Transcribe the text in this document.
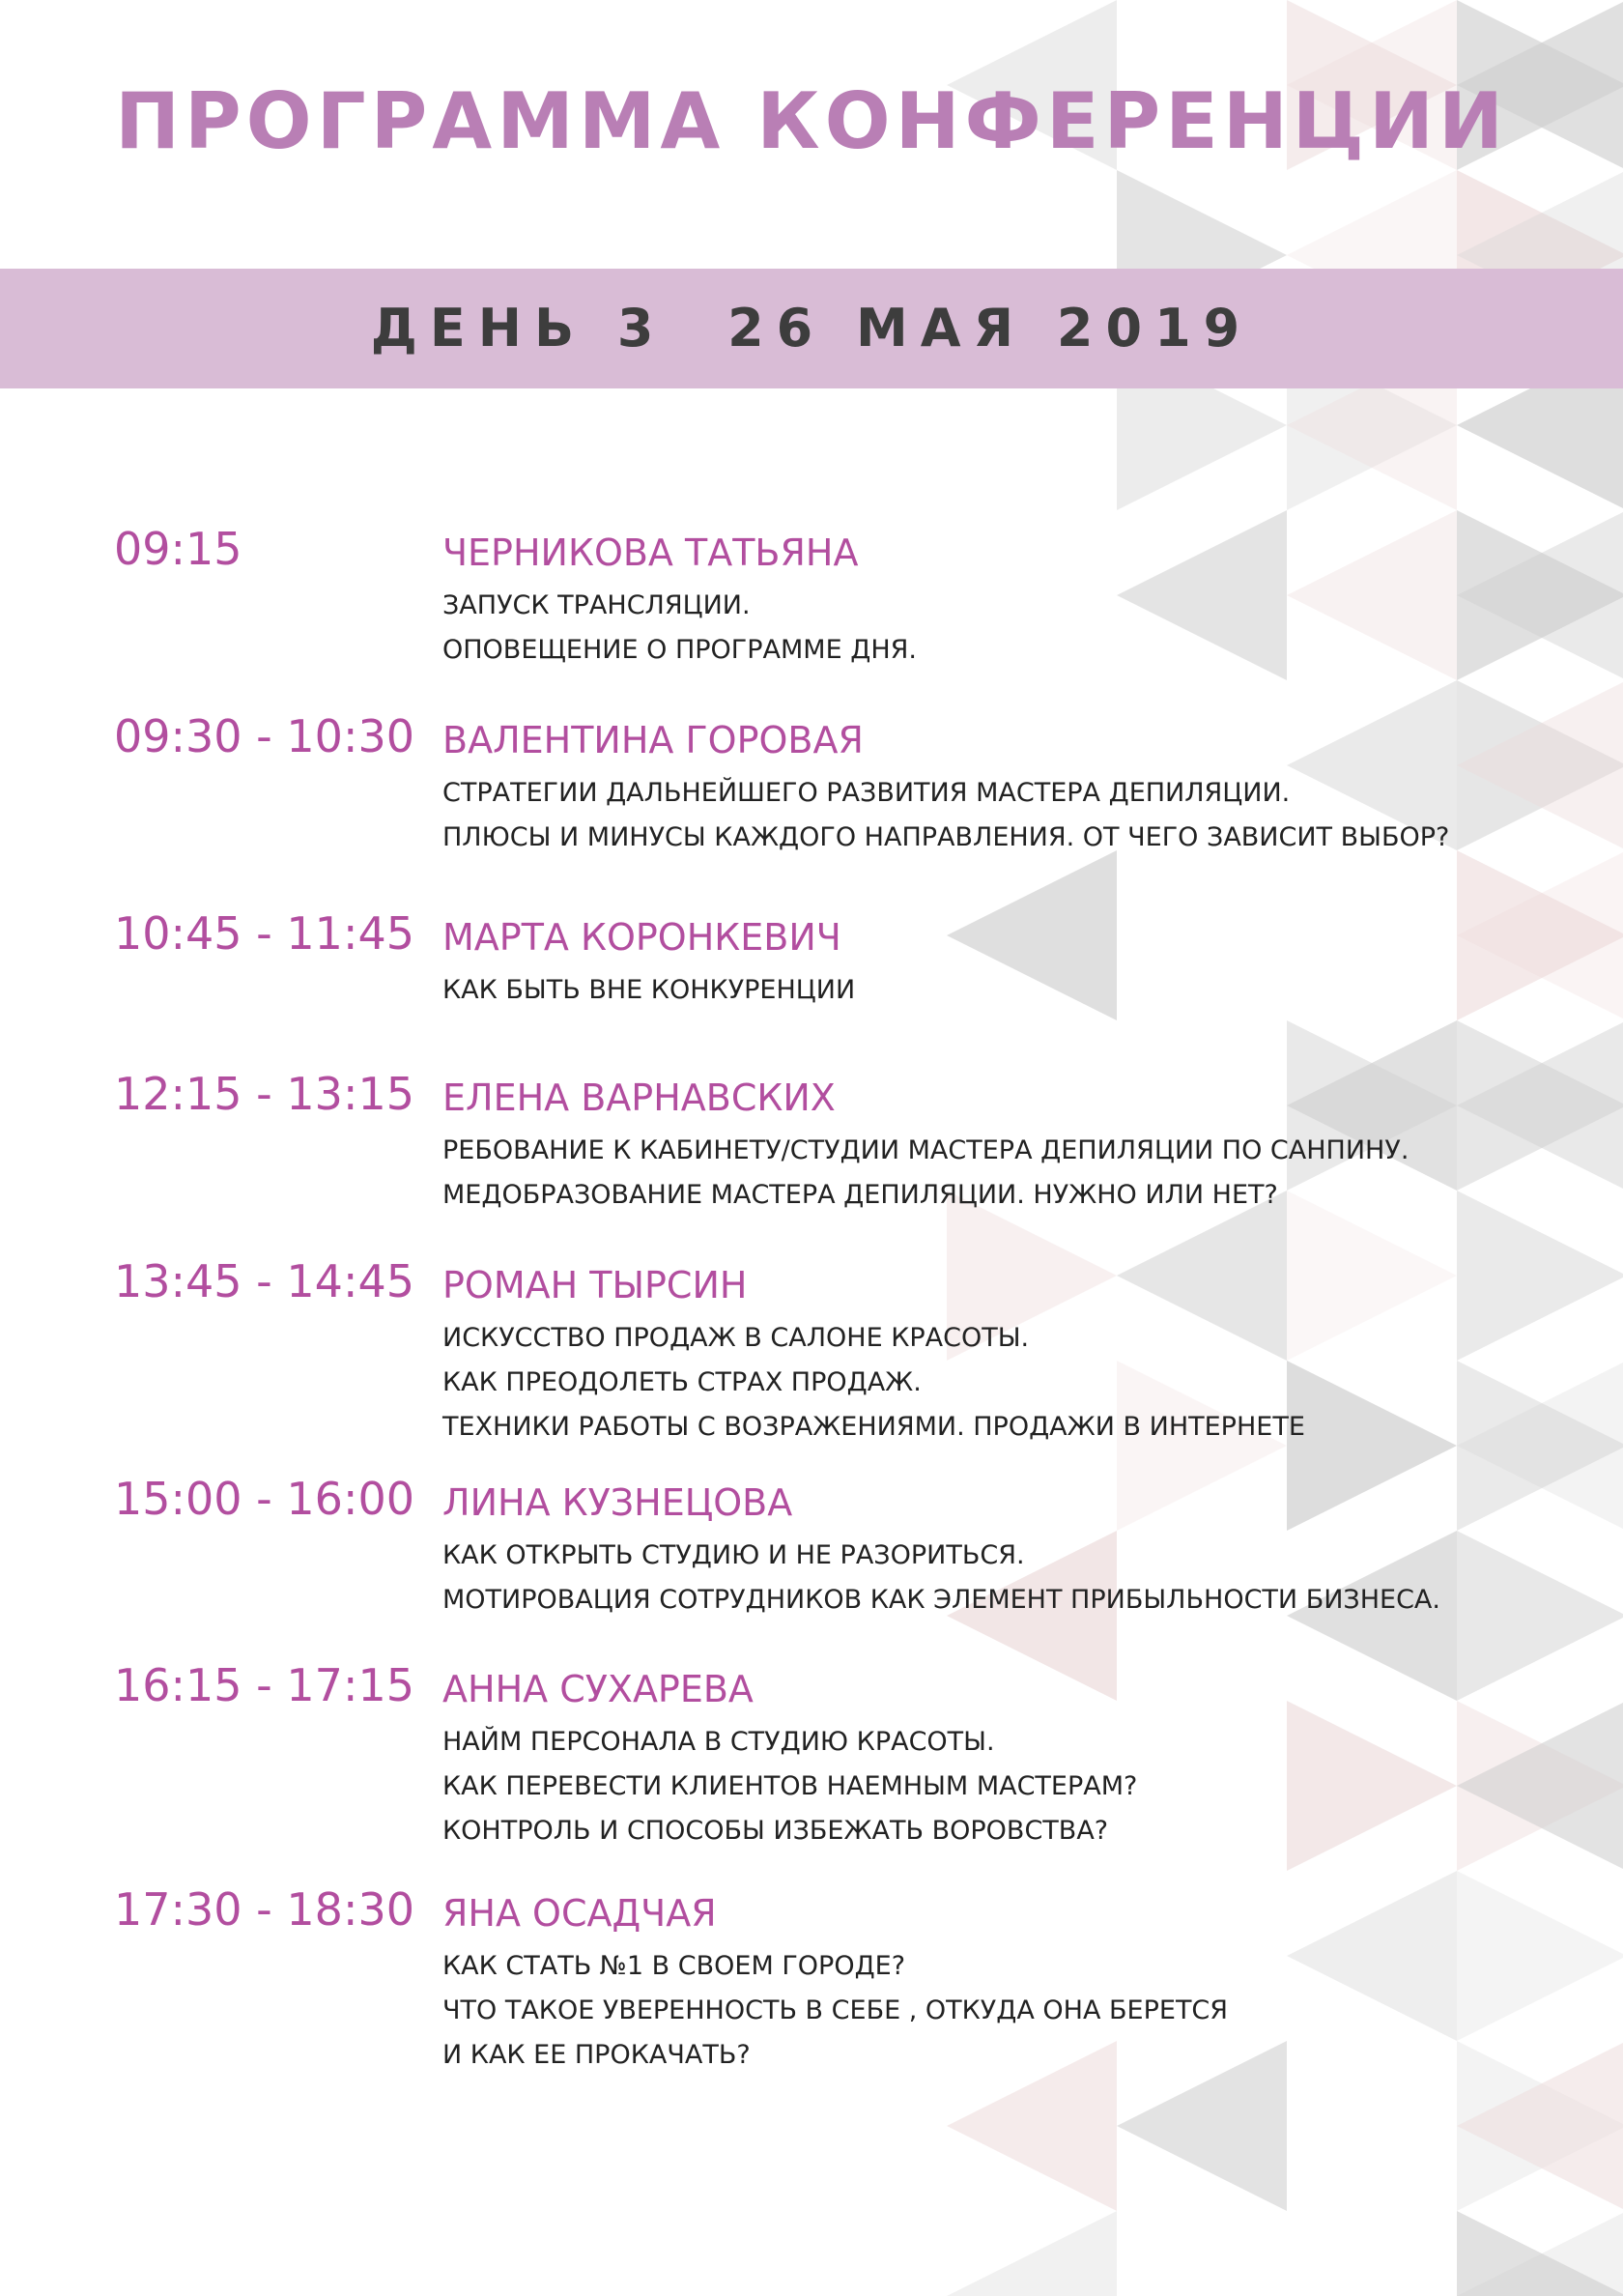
ПРОГРАММА КОНФЕРЕНЦИИ
ДЕНЬ 3  26 МАЯ 2019
09:15	ЧЕРНИКОВА ТАТЬЯНА
ЗАПУСК ТРАНСЛЯЦИИ.
ОПОВЕЩЕНИЕ О ПРОГРАММЕ ДНЯ.
09:30 - 10:30 ВАЛЕНТИНА ГОРОВАЯ
СТРАТЕГИИ ДАЛЬНЕЙШЕГО РАЗВИТИЯ МАСТЕРА ДЕПИЛЯЦИИ.
ПЛЮСЫ И МИНУСЫ КАЖДОГО НАПРАВЛЕНИЯ. ОТ ЧЕГО ЗАВИСИТ ВЫБОР?
10:45 - 11:45 МАРТА КОРОНКЕВИЧ
КАК БЫТЬ ВНЕ КОНКУРЕНЦИИ
12:15 - 13:15 ЕЛЕНА ВАРНАВСКИХ
РЕБОВАНИЕ К КАБИНЕТУ/СТУДИИ МАСТЕРА ДЕПИЛЯЦИИ ПО САНПИНУ.
МЕДОБРАЗОВАНИЕ МАСТЕРА ДЕПИЛЯЦИИ. НУЖНО ИЛИ НЕТ?
13:45 - 14:45 РОМАН ТЫРСИН
ИСКУССТВО ПРОДАЖ В САЛОНЕ КРАСОТЫ.
КАК ПРЕОДОЛЕТЬ СТРАХ ПРОДАЖ.
ТЕХНИКИ РАБОТЫ С ВОЗРАЖЕНИЯМИ. ПРОДАЖИ В ИНТЕРНЕТЕ
15:00 - 16:00 ЛИНА КУЗНЕЦОВА
КАК ОТКРЫТЬ СТУДИЮ И НЕ РАЗОРИТЬСЯ.
МОТИРОВАЦИЯ СОТРУДНИКОВ КАК ЭЛЕМЕНТ ПРИБЫЛЬНОСТИ БИЗНЕСА.
16:15 - 17:15 АННА СУХАРЕВА
НАЙМ ПЕРСОНАЛА В СТУДИЮ КРАСОТЫ.
КАК ПЕРЕВЕСТИ КЛИЕНТОВ НАЕМНЫМ МАСТЕРАМ?
КОНТРОЛЬ И СПОСОБЫ ИЗБЕЖАТЬ ВОРОВСТВА?
17:30 - 18:30 ЯНА ОСАДЧАЯ
КАК СТАТЬ №1 В СВОЕМ ГОРОДЕ?
ЧТО ТАКОЕ УВЕРЕННОСТЬ В СЕБЕ , ОТКУДА ОНА БЕРЕТСЯ
И КАК ЕЕ ПРОКАЧАТЬ?
